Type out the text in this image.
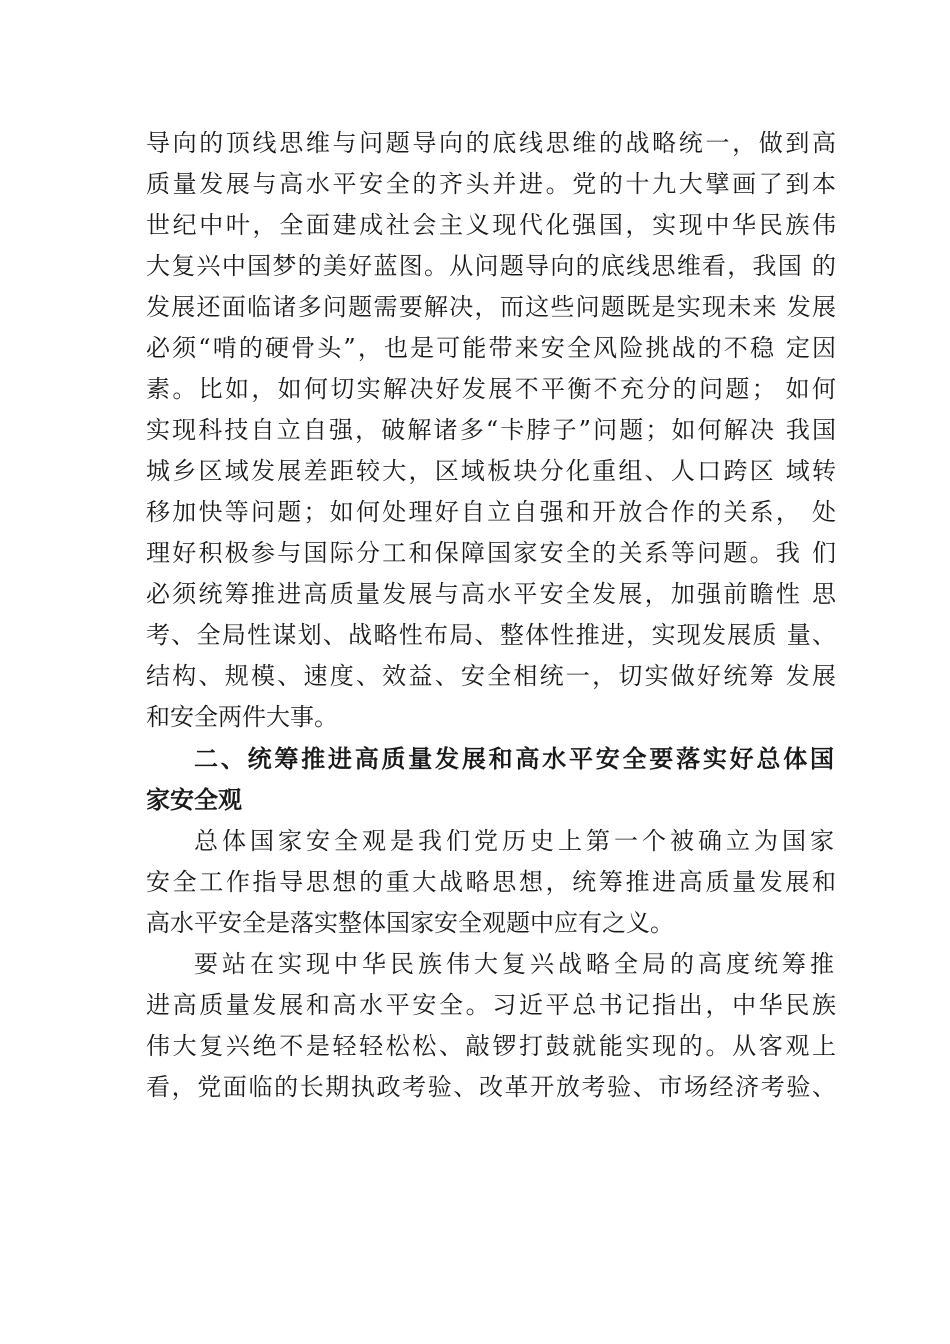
导向的顶线思维与问题导向的底线思维的战略统一，做到高
质量发展与高水平安全的齐头并进。党的十九大擘画了到本
世纪中叶，全面建成社会主义现代化强国，实现中华民族伟
大复兴中国梦的美好蓝图。从问题导向的底线思维看，我国 的
发展还面临诸多问题需要解决，而这些问题既是实现未来 发展
必须“啃的硬骨头”，也是可能带来安全风险挑战的不稳 定因
素。比如，如何切实解决好发展不平衡不充分的问题； 如何
实现科技自立自强，破解诸多“卡脖子”问题；如何解决 我国
城乡区域发展差距较大，区域板块分化重组、人口跨区 域转
移加快等问题；如何处理好自立自强和开放合作的关系， 处
理好积极参与国际分工和保障国家安全的关系等问题。我 们
必须统筹推进高质量发展与高水平安全发展，加强前瞻性 思
考、全局性谋划、战略性布局、整体性推进，实现发展质 量、
结构、规模、速度、效益、安全相统一，切实做好统筹 发展
和安全两件大事。
二、统筹推进高质量发展和高水平安全要落实好总体国
家安全观
总体国家安全观是我们党历史上第一个被确立为国家
安全工作指导思想的重大战略思想，统筹推进高质量发展和
高水平安全是落实整体国家安全观题中应有之义。
要站在实现中华民族伟大复兴战略全局的高度统筹推
进高质量发展和高水平安全。习近平总书记指出，中华民族
伟大复兴绝不是轻轻松松、敲锣打鼓就能实现的。从客观上
看，党面临的长期执政考验、改革开放考验、市场经济考验、
